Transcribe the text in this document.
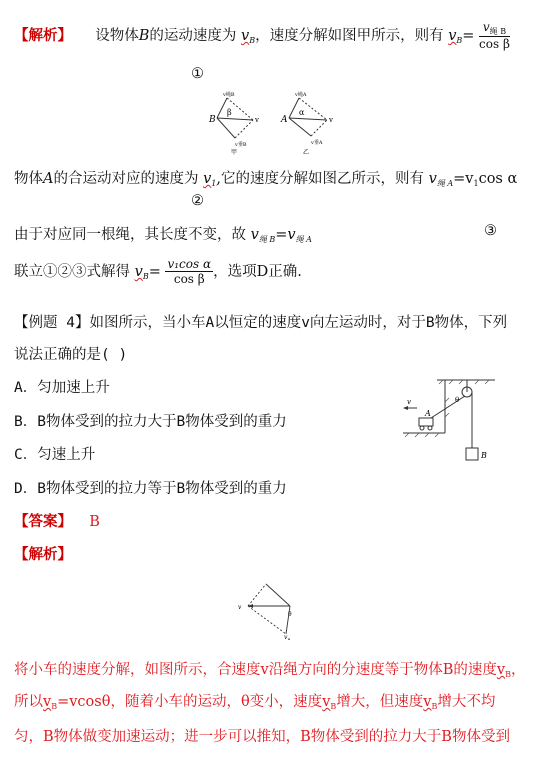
【解析】 设物体B的运动速度为 $v_B$，速度分解如图甲所示，则有 $v_B= \frac{v_{绳 B}}{\text{cos β}}$
①
B
β
v
v绳B
v垂B
甲
A
α
v
v绳A
v垂A
乙
物体A的合运动对应的速度为 $v_1$,它的速度分解如图乙所示，则有 $v_{绳 A}=v_1\cos$ α
②
由于对应同一根绳，其长度不变，故 $v_{绳 B}=v_{绳 A}$
③
联立①②③式解得 $v_B= \frac{\text{v₁cos α}}{\text{cos β}}$ ，选项D正确.
【例题 4】如图所示，当小车A以恒定的速度v向左运动时，对于B物体，下列
说法正确的是( )
A．匀加速上升
B．B物体受到的拉力大于B物体受到的重力
C．匀速上升
D．B物体受到的拉力等于B物体受到的重力
v
A
θ
B
【答案】 B
【解析】
v
θ
$v_B$
将小车的速度分解，如图所示，合速度v沿绳方向的分速度等于物体B的速度$v_B$，
所以$v_B=vcos\theta$，随着小车的运动，θ变小，速度$v_B$增大，但速度$v_B$增大不均
匀，B物体做变加速运动；进一步可以推知，B物体受到的拉力大于B物体受到
